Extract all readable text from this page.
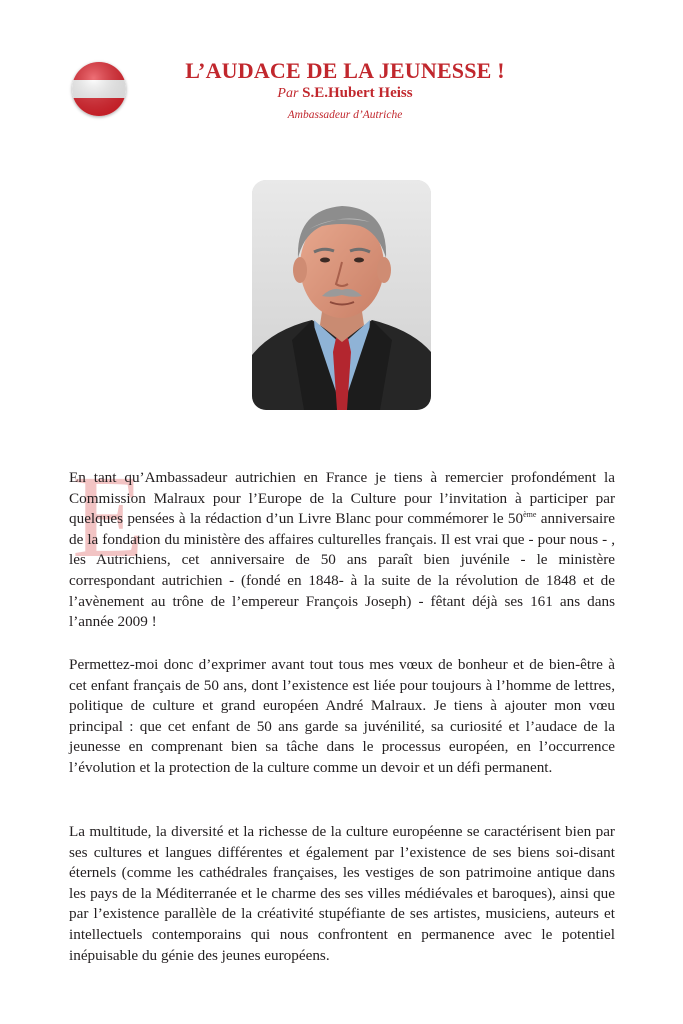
L’AUDACE DE LA JEUNESSE !
Par S.E.Hubert Heiss
Ambassadeur d’Autriche
E

En tant qu’Ambassadeur autrichien en France je tiens à remercier profondément la Commission Malraux pour l’Europe de la Culture pour l’invitation à participer par quelques pensées à la rédaction d’un Livre Blanc pour commémorer le 50ème anniversaire de la fondation du ministère des affaires culturelles français. Il est vrai que - pour nous - , les Autrichiens, cet anniversaire de 50 ans paraît bien juvénile - le ministère correspondant autrichien - (fondé en 1848- à la suite de la révolution de 1848 et de l’avènement au trône de l’empereur François Joseph) - fêtant déjà ses 161 ans dans l’année 2009 !

Permettez-moi donc d’exprimer avant tout tous mes vœux de bonheur et de bien-être à cet enfant français de 50 ans, dont l’existence est liée pour toujours à l’homme de lettres, politique de culture et grand européen André Malraux. Je tiens à ajouter mon vœu principal : que cet enfant de 50 ans garde sa juvénilité, sa curiosité et l’audace de la jeunesse en comprenant bien sa tâche dans le processus européen, en l’occurrence l’évolution et la protection de la culture comme un devoir et un défi permanent.

La multitude, la diversité et la richesse de la culture européenne se caractérisent bien par ses cultures et langues différentes et également par l’existence de ses biens soi-disant éternels (comme les cathédrales françaises, les vestiges de son patrimoine antique dans les pays de la Méditerranée et le charme des ses villes médiévales et baroques), ainsi que par l’existence parallèle de la créativité stupéfiante de ses artistes, musiciens, auteurs et intellectuels contemporains qui nous confrontent en permanence avec le potentiel inépuisable du génie des jeunes européens.
